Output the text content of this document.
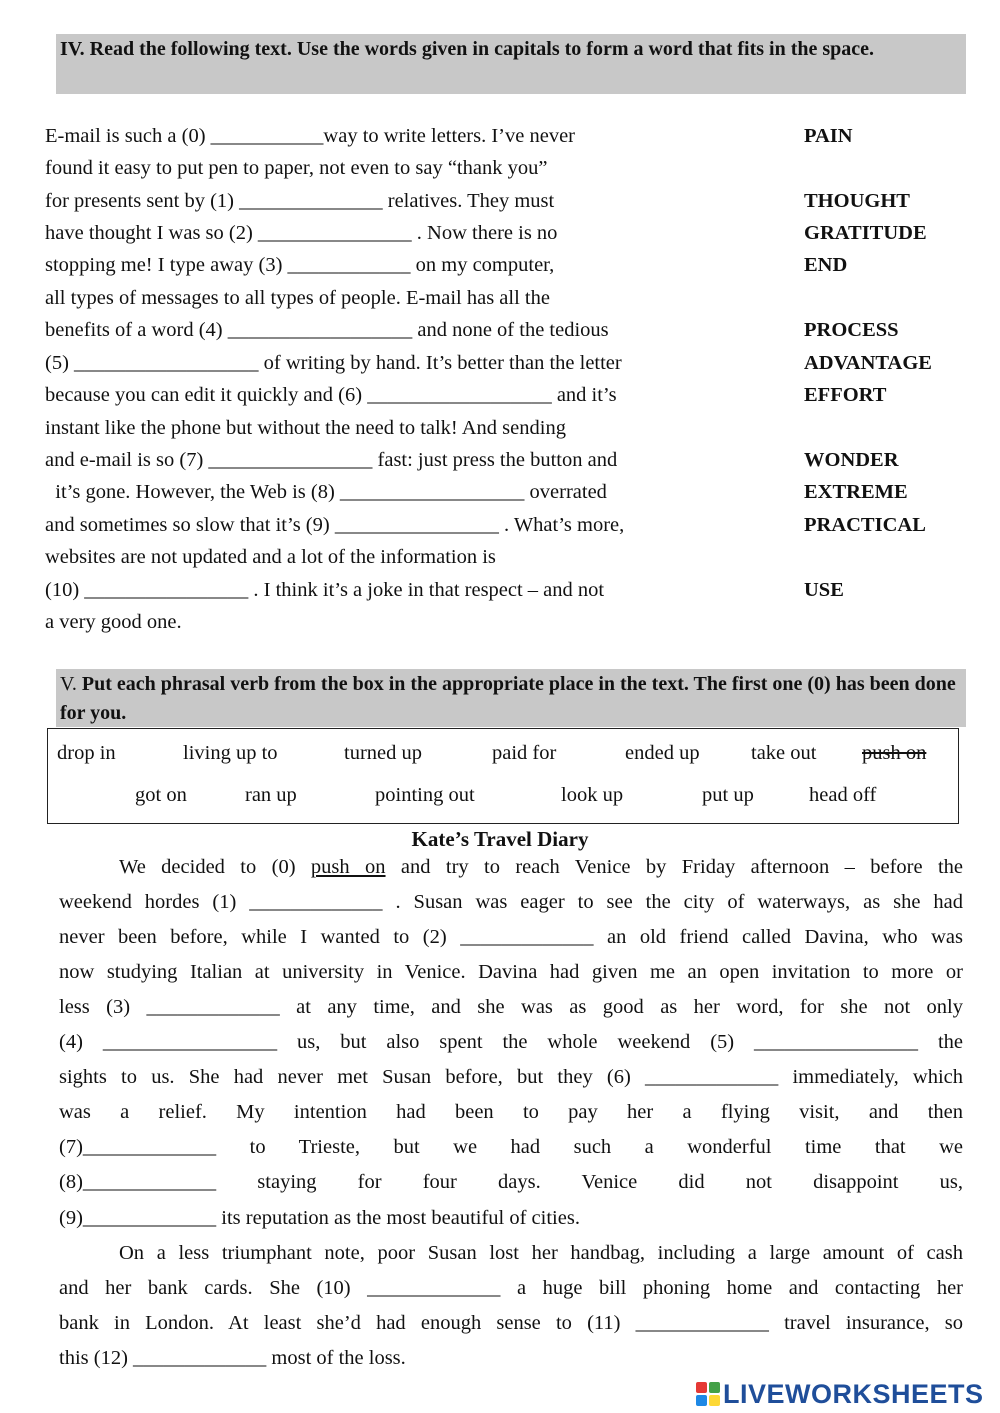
IV. Read the following text. Use the words given in capitals to form a word that fits in the space.
E-mail is such a (0) ___________way to write letters. I’ve never
found it easy to put pen to paper, not even to say “thank you”
for presents sent by (1) ______________ relatives. They must
have thought I was so (2) _______________ . Now there is no
stopping me! I type away (3) ____________ on my computer,
all types of messages to all types of people. E-mail has all the
benefits of a word (4) __________________ and none of the tedious
(5) __________________ of writing by hand. It’s better than the letter
because you can edit it quickly and (6) __________________ and it’s
instant like the phone but without the need to talk! And sending
and e-mail is so (7) ________________ fast: just press the button and
it’s gone. However, the Web is (8) __________________ overrated
and sometimes so slow that it’s (9) ________________ . What’s more,
websites are not updated and a lot of the information is
(10) ________________ . I think it’s a joke in that respect – and not
a very good one.
PAIN
THOUGHT
GRATITUDE
END
PROCESS
ADVANTAGE
EFFORT
WONDER
EXTREME
PRACTICAL
USE
V. Put each phrasal verb from the box in the appropriate place in the text. The first one (0) has been done for you.
drop in	living up to	turned up	paid for	ended up	take out push on
got on	ran up	pointing out	look up	put up	head off
Kate’s Travel Diary
We decided to (0) push on and try to reach Venice by Friday afternoon – before the
weekend hordes (1) _____________ . Susan was eager to see the city of waterways, as she had
never been before, while I wanted to (2) _____________ an old friend called Davina, who was
now studying Italian at university in Venice. Davina had given me an open invitation to more or
less (3) _____________ at any time, and she was as good as her word, for she not only
(4) _________________ us, but also spent the whole weekend (5) ________________ the
sights to us. She had never met Susan before, but they (6) _____________ immediately, which
was a relief. My intention had been to pay her a flying visit, and then
(7)_____________ to Trieste, but we had such a wonderful time that we
(8)_____________ staying for four days. Venice did not disappoint us,
(9)_____________ its reputation as the most beautiful of cities.
On a less triumphant note, poor Susan lost her handbag, including a large amount of cash
and her bank cards. She (10) _____________ a huge bill phoning home and contacting her
bank in London. At least she’d had enough sense to (11) _____________ travel insurance, so
this (12) _____________ most of the loss.
LIVEWORKSHEETS
